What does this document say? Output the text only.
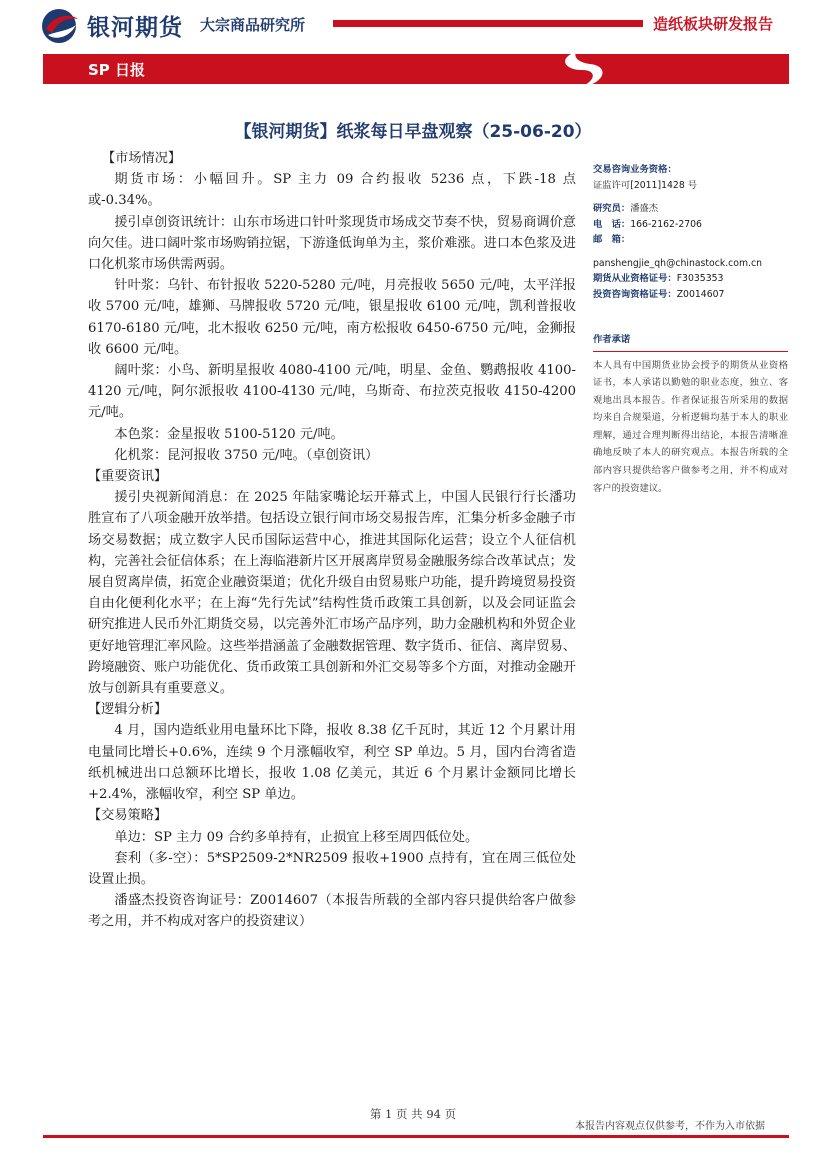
银河期货 大宗商品研究所	造纸板块研发报告
SP 日报
【银河期货】纸浆每日早盘观察（25-06-20）

【市场情况】

期货市场：小幅回升。SP 主力 09 合约报收 5236 点，下跌-18 点或-0.34%。

援引卓创资讯统计：山东市场进口针叶浆现货市场成交节奏不快，贸易商调价意向欠佳。进口阔叶浆市场购销拉锯，下游逢低询单为主，浆价难涨。进口本色浆及进口化机浆市场供需两弱。

针叶浆：乌针、布针报收 5220-5280 元/吨，月亮报收 5650 元/吨，太平洋报收 5700 元/吨，雄狮、马牌报收 5720 元/吨，银星报收 6100 元/吨，凯利普报收 6170-6180 元/吨，北木报收 6250 元/吨，南方松报收 6450-6750 元/吨，金狮报收 6600 元/吨。

阔叶浆：小鸟、新明星报收 4080-4100 元/吨，明星、金鱼、鹦鹉报收 4100-4120 元/吨，阿尔派报收 4100-4130 元/吨，乌斯奇、布拉茨克报收 4150-4200 元/吨。

本色浆：金星报收 5100-5120 元/吨。

化机浆：昆河报收 3750 元/吨。（卓创资讯）

【重要资讯】

援引央视新闻消息：在 2025 年陆家嘴论坛开幕式上，中国人民银行行长潘功胜宣布了八项金融开放举措。包括设立银行间市场交易报告库，汇集分析多金融子市场交易数据；成立数字人民币国际运营中心，推进其国际化运营；设立个人征信机构，完善社会征信体系；在上海临港新片区开展离岸贸易金融服务综合改革试点；发展自贸离岸债，拓宽企业融资渠道；优化升级自由贸易账户功能，提升跨境贸易投资自由化便利化水平；在上海“先行先试”结构性货币政策工具创新，以及会同证监会研究推进人民币外汇期货交易，以完善外汇市场产品序列，助力金融机构和外贸企业更好地管理汇率风险。这些举措涵盖了金融数据管理、数字货币、征信、离岸贸易、跨境融资、账户功能优化、货币政策工具创新和外汇交易等多个方面，对推动金融开放与创新具有重要意义。

【逻辑分析】

4 月，国内造纸业用电量环比下降，报收 8.38 亿千瓦时，其近 12 个月累计用电量同比增长+0.6%，连续 9 个月涨幅收窄，利空 SP 单边。5 月，国内台湾省造纸机械进出口总额环比增长，报收 1.08 亿美元，其近 6 个月累计金额同比增长+2.4%，涨幅收窄，利空 SP 单边。

【交易策略】

单边：SP 主力 09 合约多单持有，止损宜上移至周四低位处。

套利（多-空）：5*SP2509-2*NR2509 报收+1900 点持有，宜在周三低位处设置止损。

潘盛杰投资咨询证号：Z0014607（本报告所载的全部内容只提供给客户做参考之用，并不构成对客户的投资建议）

交易咨询业务资格：
证监许可[2011]1428 号
研究员：潘盛杰
电　话：166-2162-2706
邮　箱：
panshengjie_qh@chinastock.com.cn
期货从业资格证号：F3035353
投资咨询资格证号：Z0014607
作者承诺
本人具有中国期货业协会授予的期货从业资格证书，本人承诺以勤勉的职业态度，独立、客观地出具本报告。作者保证报告所采用的数据均来自合规渠道，分析逻辑均基于本人的职业理解，通过合理判断得出结论，本报告清晰准确地反映了本人的研究观点。本报告所载的全部内容只提供给客户做参考之用，并不构成对客户的投资建议。
第 1 页 共 94 页
本报告内容观点仅供参考，不作为入市依据
